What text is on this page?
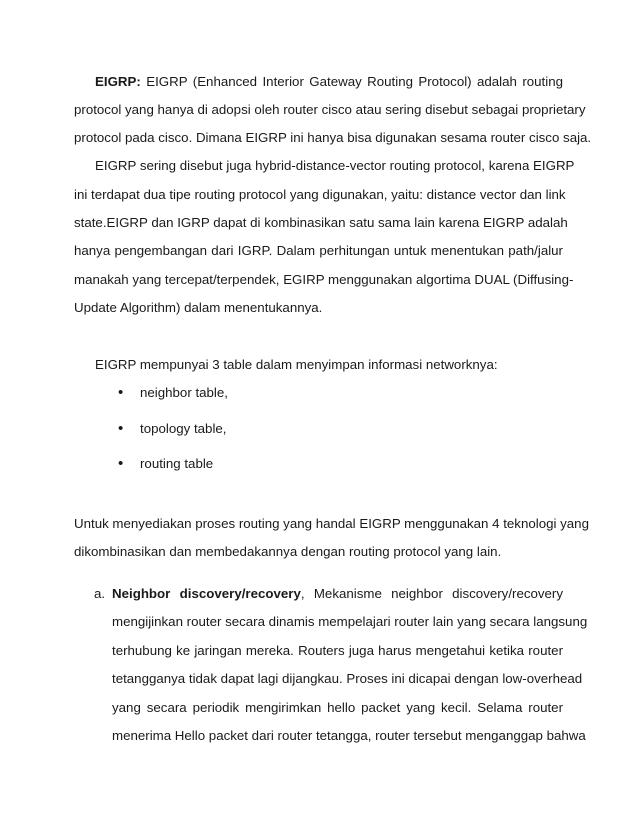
EIGRP: EIGRP (Enhanced Interior Gateway Routing Protocol) adalah routing
protocol yang hanya di adopsi oleh router cisco atau sering disebut sebagai proprietary
protocol pada cisco. Dimana EIGRP ini hanya bisa digunakan sesama router cisco saja.
EIGRP sering disebut juga hybrid-distance-vector routing protocol, karena EIGRP
ini terdapat dua tipe routing protocol yang digunakan, yaitu: distance vector dan link
state.EIGRP dan IGRP dapat di kombinasikan satu sama lain karena EIGRP adalah
hanya pengembangan dari IGRP. Dalam perhitungan untuk menentukan path/jalur
manakah yang tercepat/terpendek, EGIRP menggunakan algortima DUAL (Diffusing-
Update Algorithm) dalam menentukannya.
EIGRP mempunyai 3 table dalam menyimpan informasi networknya:
• neighbor table,
• topology table,
• routing table
Untuk menyediakan proses routing yang handal EIGRP menggunakan 4 teknologi yang
dikombinasikan dan membedakannya dengan routing protocol yang lain.
a. Neighbor discovery/recovery, Mekanisme neighbor discovery/recovery
mengijinkan router secara dinamis mempelajari router lain yang secara langsung
terhubung ke jaringan mereka. Routers juga harus mengetahui ketika router
tetangganya tidak dapat lagi dijangkau. Proses ini dicapai dengan low-overhead
yang secara periodik mengirimkan hello packet yang kecil. Selama router
menerima Hello packet dari router tetangga, router tersebut menganggap bahwa
